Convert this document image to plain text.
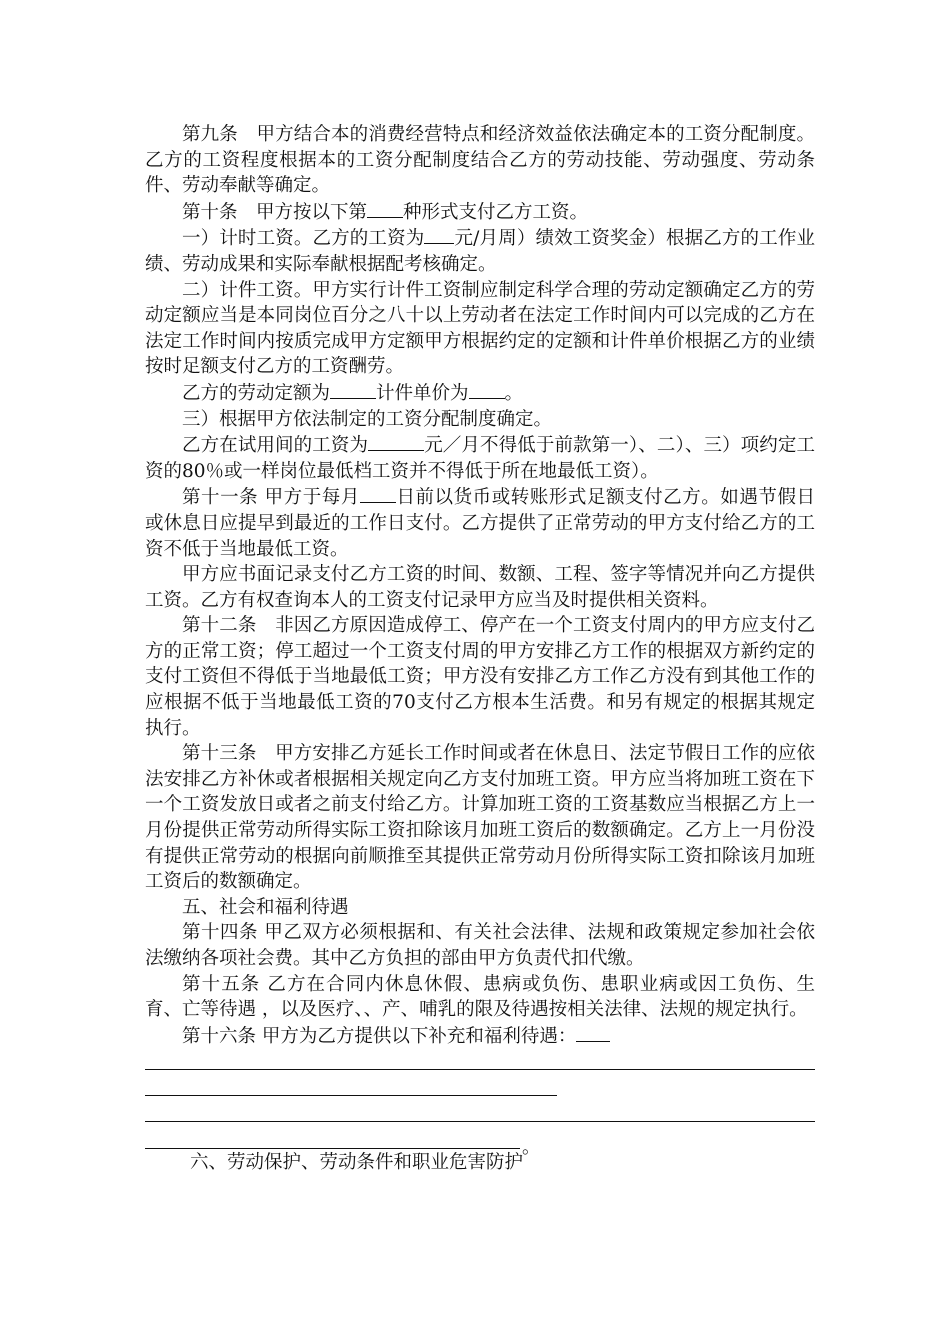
第九条　甲方结合本的消费经营特点和经济效益依法确定本的工资分配制度。乙方的工资程度根据本的工资分配制度结合乙方的劳动技能、劳动强度、劳动条件、劳动奉献等确定。

第十条　甲方按以下第 种形式支付乙方工资。

一）计时工资。乙方的工资为 元/月周）绩效工资奖金）根据乙方的工作业绩、劳动成果和实际奉献根据配考核确定。

二）计件工资。甲方实行计件工资制应制定科学合理的劳动定额确定乙方的劳动定额应当是本同岗位百分之八十以上劳动者在法定工作时间内可以完成的乙方在法定工作时间内按质完成甲方定额甲方根据约定的定额和计件单价根据乙方的业绩按时足额支付乙方的工资酬劳。

乙方的劳动定额为 计件单价为 。

三）根据甲方依法制定的工资分配制度确定。

乙方在试用间的工资为	元／月不得低于前款第一）、二）、三）项约定工资的80％或一样岗位最低档工资并不得低于所在地最低工资）。

第十一条 甲方于每月 日前以货币或转账形式足额支付乙方。如遇节假日或休息日应提早到最近的工作日支付。乙方提供了正常劳动的甲方支付给乙方的工资不低于当地最低工资。

甲方应书面记录支付乙方工资的时间、数额、工程、签字等情况并向乙方提供工资。乙方有权查询本人的工资支付记录甲方应当及时提供相关资料。

第十二条　非因乙方原因造成停工、停产在一个工资支付周内的甲方应支付乙方的正常工资；停工超过一个工资支付周的甲方安排乙方工作的根据双方新约定的支付工资但不得低于当地最低工资；甲方没有安排乙方工作乙方没有到其他工作的应根据不低于当地最低工资的70支付乙方根本生活费。和另有规定的根据其规定执行。

第十三条　甲方安排乙方延长工作时间或者在休息日、法定节假日工作的应依法安排乙方补休或者根据相关规定向乙方支付加班工资。甲方应当将加班工资在下一个工资发放日或者之前支付给乙方。计算加班工资的工资基数应当根据乙方上一月份提供正常劳动所得实际工资扣除该月加班工资后的数额确定。乙方上一月份没有提供正常劳动的根据向前顺推至其提供正常劳动月份所得实际工资扣除该月加班工资后的数额确定。

五、社会和福利待遇

第十四条 甲乙双方必须根据和、有关社会法律、法规和政策规定参加社会依法缴纳各项社会费。其中乙方负担的部由甲方负责代扣代缴。

第十五条 乙方在合同内休息休假、患病或负伤、患职业病或因工负伤、生育、亡等待遇 ，以及医疗、、产、哺乳的限及待遇按相关法律、法规的规定执行。

第十六条 甲方为乙方提供以下补充和福利待遇：

。

六、劳动保护、劳动条件和职业危害防护
